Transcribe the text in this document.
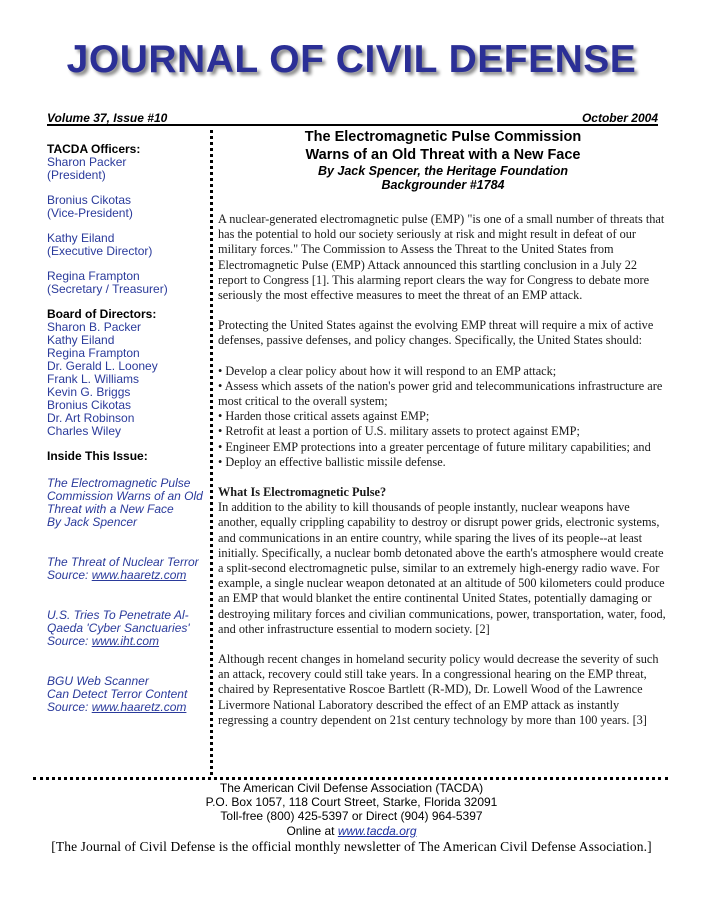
JOURNAL OF CIVIL DEFENSE
Volume 37, Issue #10	October 2004
TACDA Officers:
Sharon Packer
(President)
Bronius Cikotas
(Vice-President)
Kathy Eiland
(Executive Director)
Regina Frampton
(Secretary / Treasurer)
Board of Directors:
Sharon B. Packer
Kathy Eiland
Regina Frampton
Dr. Gerald L. Looney
Frank L. Williams
Kevin G. Briggs
Bronius Cikotas
Dr. Art Robinson
Charles Wiley
Inside This Issue:
The Electromagnetic Pulse
Commission Warns of an Old
Threat with a New Face
By Jack Spencer
The Threat of Nuclear Terror
Source: www.haaretz.com
U.S. Tries To Penetrate Al-
Qaeda 'Cyber Sanctuaries'
Source: www.iht.com
BGU Web Scanner
Can Detect Terror Content
Source: www.haaretz.com
The Electromagnetic Pulse Commission
Warns of an Old Threat with a New Face
By Jack Spencer, the Heritage Foundation
Backgrounder #1784

A nuclear-generated electromagnetic pulse (EMP) "is one of a small number of threats that has the potential to hold our society seriously at risk and might result in defeat of our military forces." The Commission to Assess the Threat to the United States from Electromagnetic Pulse (EMP) Attack announced this startling conclusion in a July 22 report to Congress [1]. This alarming report clears the way for Congress to debate more seriously the most effective measures to meet the threat of an EMP attack.

Protecting the United States against the evolving EMP threat will require a mix of active defenses, passive defenses, and policy changes. Specifically, the United States should:

• Develop a clear policy about how it will respond to an EMP attack;
• Assess which assets of the nation's power grid and telecommunications infrastructure are most critical to the overall system;
• Harden those critical assets against EMP;
• Retrofit at least a portion of U.S. military assets to protect against EMP;
• Engineer EMP protections into a greater percentage of future military capabilities; and
• Deploy an effective ballistic missile defense.
What Is Electromagnetic Pulse?

In addition to the ability to kill thousands of people instantly, nuclear weapons have another, equally crippling capability to destroy or disrupt power grids, electronic systems, and communications in an entire country, while sparing the lives of its people--at least initially. Specifically, a nuclear bomb detonated above the earth's atmosphere would create a split-second electromagnetic pulse, similar to an extremely high-energy radio wave. For example, a single nuclear weapon detonated at an altitude of 500 kilometers could produce an EMP that would blanket the entire continental United States, potentially damaging or destroying military forces and civilian communications, power, transportation, water, food, and other infrastructure essential to modern society. [2]

Although recent changes in homeland security policy would decrease the severity of such an attack, recovery could still take years. In a congressional hearing on the EMP threat, chaired by Representative Roscoe Bartlett (R-MD), Dr. Lowell Wood of the Lawrence Livermore National Laboratory described the effect of an EMP attack as instantly regressing a country dependent on 21st century technology by more than 100 years. [3]

The American Civil Defense Association (TACDA)
P.O. Box 1057, 118 Court Street, Starke, Florida 32091
Toll-free (800) 425-5397 or Direct (904) 964-5397
Online at www.tacda.org
[The Journal of Civil Defense is the official monthly newsletter of The American Civil Defense Association.]
